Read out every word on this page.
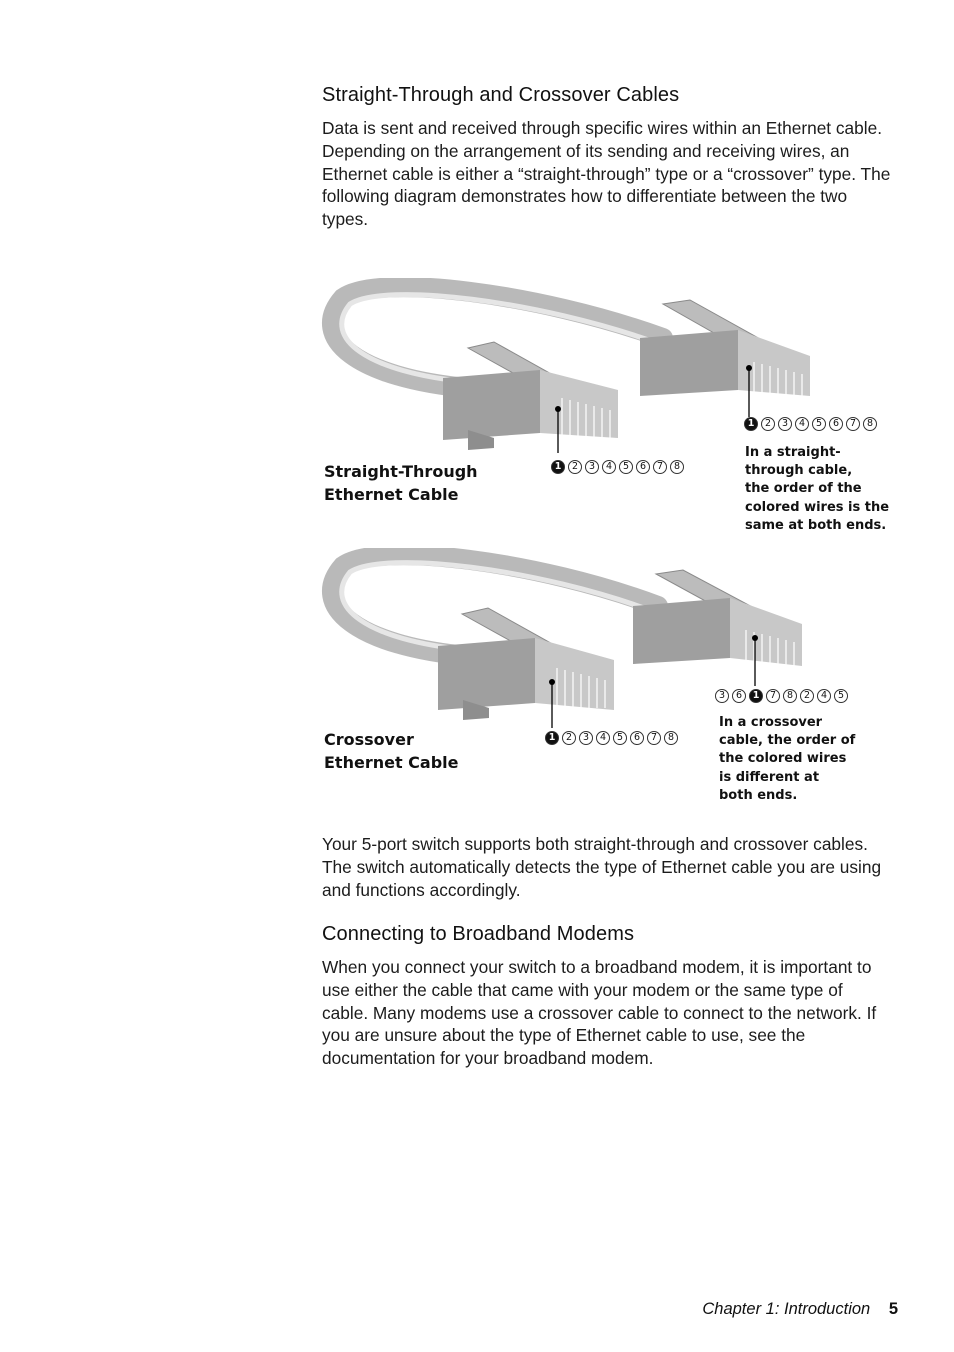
Straight-Through and Crossover Cables

Data is sent and received through specific wires within an Ethernet cable. Depending on the arrangement of its sending and receiving wires, an Ethernet cable is either a “straight-through” type or a “crossover” type. The following diagram demonstrates how to differentiate between the two types.

1	2	3	4	5	6	7	8
1	2	3	4	5	6	7	8
Straight-Through
Ethernet Cable
In a straight-
through cable,
the order of the
colored wires is the
same at both ends.
3	6	1	7	8	2	4	5
1	2	3	4	5	6	7	8
Crossover
Ethernet Cable
In a crossover
cable, the order of
the colored wires
is different at
both ends.

Your 5-port switch supports both straight-through and crossover cables. The switch automatically detects the type of Ethernet cable you are using and functions accordingly.

Connecting to Broadband Modems

When you connect your switch to a broadband modem, it is important to use either the cable that came with your modem or the same type of cable. Many modems use a crossover cable to connect to the network. If you are unsure about the type of Ethernet cable to use, see the documentation for your broadband modem.

Chapter 1: Introduction 5
